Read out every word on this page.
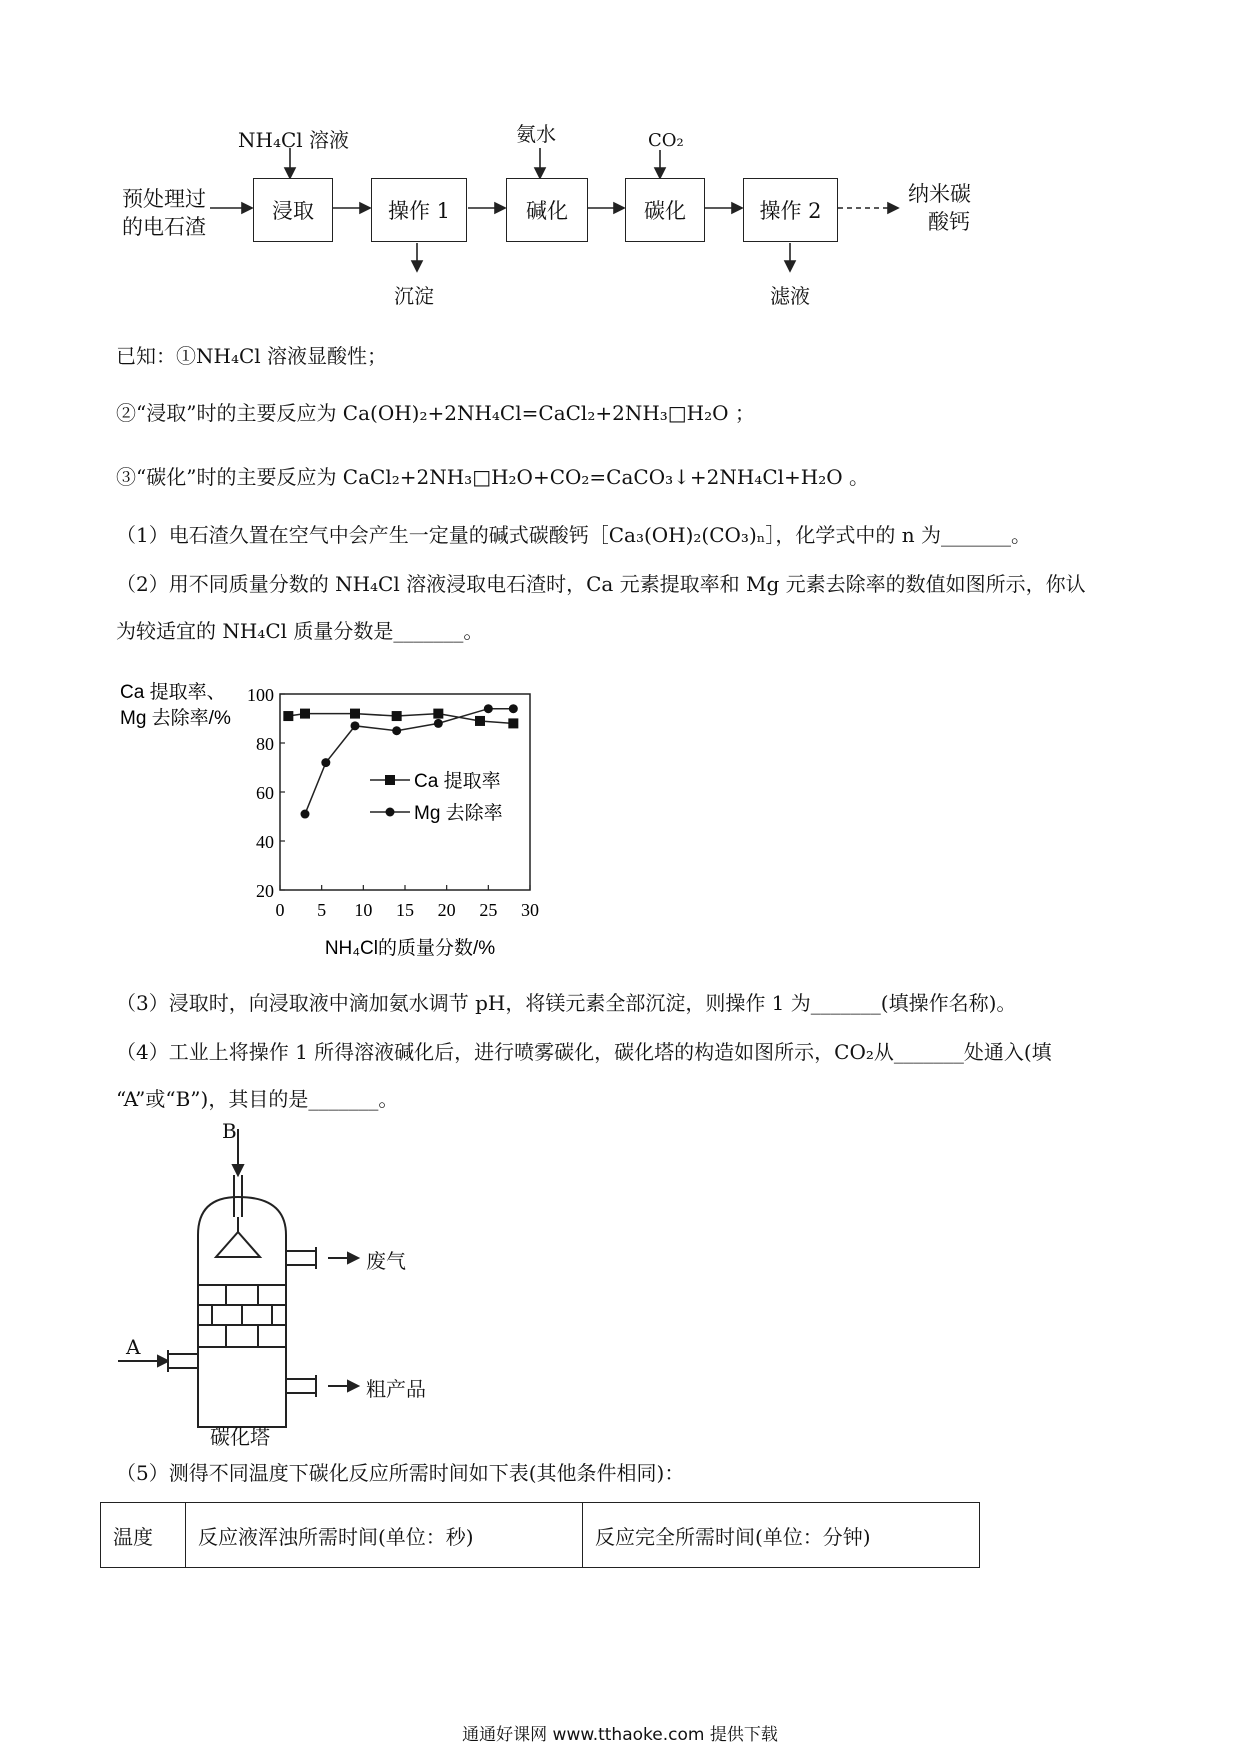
预处理过
的电石渣
NH₄Cl 溶液
浸取	操作 1
沉淀
氨水
碱化
CO₂
碳化	操作 2
滤液
纳米碳
酸钙
已知：①NH₄Cl 溶液显酸性；
②“浸取”时的主要反应为 Ca(OH)₂+2NH₄Cl=CaCl₂+2NH₃□H₂O ；
③“碳化”时的主要反应为 CaCl₂+2NH₃□H₂O+CO₂=CaCO₃↓+2NH₄Cl+H₂O 。
（1）电石渣久置在空气中会产生一定量的碱式碳酸钙［Ca₃(OH)₂(CO₃)ₙ］，化学式中的 n 为_______。
（2）用不同质量分数的 NH₄Cl 溶液浸取电石渣时，Ca 元素提取率和 Mg 元素去除率的数值如图所示，你认
为较适宜的 NH₄Cl 质量分数是_______。
0 5 10 15 20 25 30
20
40
60
80
100
Ca 提取率、
Mg 去除率/%
NH₄Cl的质量分数/%
Ca 提取率
Mg 去除率
（3）浸取时，向浸取液中滴加氨水调节 pH，将镁元素全部沉淀，则操作 1 为_______(填操作名称)。
（4）工业上将操作 1 所得溶液碱化后，进行喷雾碳化，碳化塔的构造如图所示，CO₂从_______处通入(填
“A”或“B”)，其目的是_______。
B
A
废气
粗产品
碳化塔
（5）测得不同温度下碳化反应所需时间如下表(其他条件相同)：
温度	反应液浑浊所需时间(单位：秒)	反应完全所需时间(单位：分钟)
通通好课网 www.tthaoke.com 提供下载
